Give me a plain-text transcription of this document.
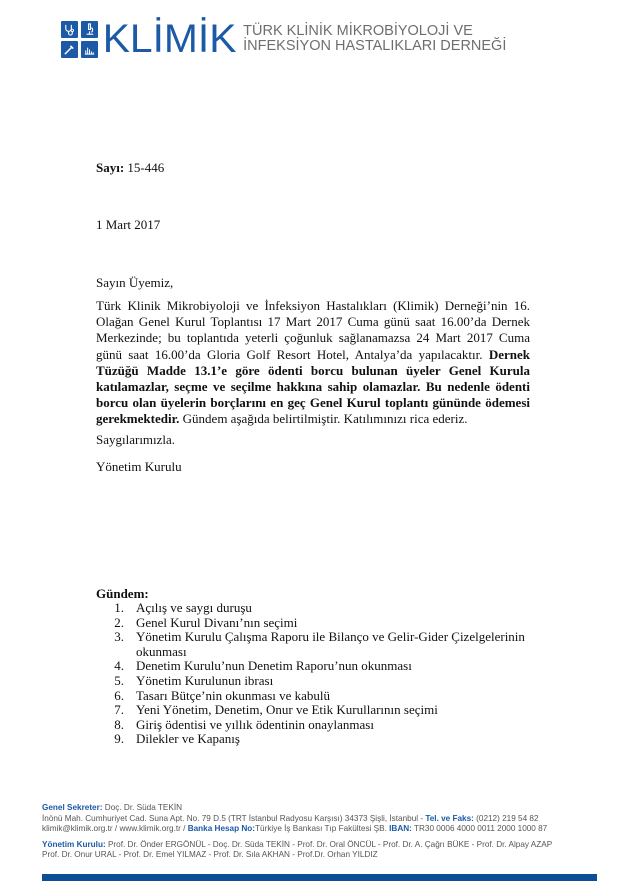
KLİMİK TÜRK KLİNİK MİKROBİYOLOJİ VE
İNFEKSİYON HASTALIKLARI DERNEĞİ
Sayı: 15-446
1 Mart 2017
Sayın Üyemiz,
Türk Klinik Mikrobiyoloji ve İnfeksiyon Hastalıkları (Klimik) Derneği’nin 16. Olağan Genel Kurul Toplantısı 17 Mart 2017 Cuma günü saat 16.00’da Dernek Merkezinde; bu toplantıda yeterli çoğunluk sağlanamazsa 24 Mart 2017 Cuma günü saat 16.00’da Gloria Golf Resort Hotel, Antalya’da yapılacaktır. Dernek Tüzüğü Madde 13.1’e göre ödenti borcu bulunan üyeler Genel Kurula katılamazlar, seçme ve seçilme hakkına sahip olamazlar. Bu nedenle ödenti borcu olan üyelerin borçlarını en geç Genel Kurul toplantı gününde ödemesi gerekmektedir. Gündem aşağıda belirtilmiştir. Katılımınızı rica ederiz.
Saygılarımızla.
Yönetim Kurulu
Gündem:
1. Açılış ve saygı duruşu
2. Genel Kurul Divanı’nın seçimi
3. Yönetim Kurulu Çalışma Raporu ile Bilanço ve Gelir-Gider Çizelgelerinin okunması
4. Denetim Kurulu’nun Denetim Raporu’nun okunması
5. Yönetim Kurulunun ibrası
6. Tasarı Bütçe’nin okunması ve kabulü
7. Yeni Yönetim, Denetim, Onur ve Etik Kurullarının seçimi
8. Giriş ödentisi ve yıllık ödentinin onaylanması
9. Dilekler ve Kapanış
Genel Sekreter: Doç. Dr. Süda TEKİN
İnönü Mah. Cumhuriyet Cad. Suna Apt. No. 79 D.5 (TRT İstanbul Radyosu Karşısı) 34373 Şişli, İstanbul - Tel. ve Faks: (0212) 219 54 82
klimik@klimik.org.tr / www.klimik.org.tr / Banka Hesap No:Türkiye İş Bankası Tıp Fakültesi ŞB. IBAN: TR30 0006 4000 0011 2000 1000 87
Yönetim Kurulu: Prof. Dr. Önder ERGÖNÜL - Doç. Dr. Süda TEKİN - Prof. Dr. Oral ÖNCÜL - Prof. Dr. A. Çağrı BÜKE - Prof. Dr. Alpay AZAP
Prof. Dr. Onur URAL - Prof. Dr. Emel YILMAZ - Prof. Dr. Sıla AKHAN - Prof.Dr. Orhan YILDIZ
